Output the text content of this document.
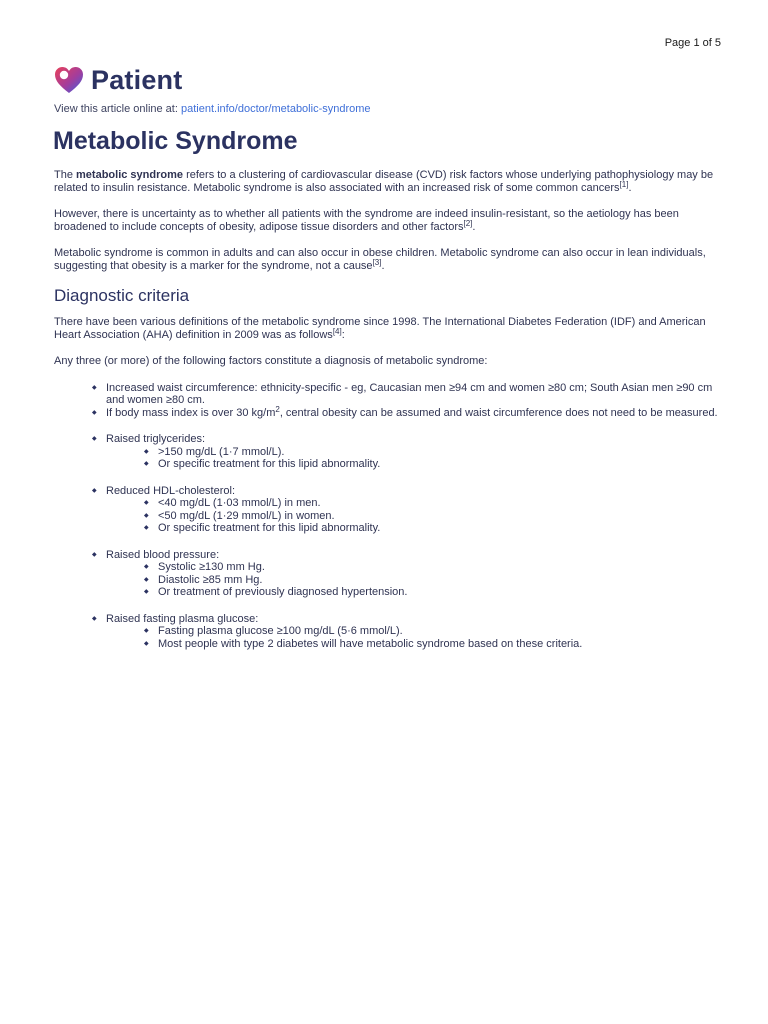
Page 1 of 5
Patient
View this article online at: patient.info/doctor/metabolic-syndrome
Metabolic Syndrome

The metabolic syndrome refers to a clustering of cardiovascular disease (CVD) risk factors whose underlying pathophysiology may be related to insulin resistance. Metabolic syndrome is also associated with an increased risk of some common cancers[1].

However, there is uncertainty as to whether all patients with the syndrome are indeed insulin-resistant, so the aetiology has been broadened to include concepts of obesity, adipose tissue disorders and other factors[2].

Metabolic syndrome is common in adults and can also occur in obese children. Metabolic syndrome can also occur in lean individuals, suggesting that obesity is a marker for the syndrome, not a cause[3].

Diagnostic criteria

There have been various definitions of the metabolic syndrome since 1998. The International Diabetes Federation (IDF) and American Heart Association (AHA) definition in 2009 was as follows[4]:

Any three (or more) of the following factors constitute a diagnosis of metabolic syndrome:

◆ Increased waist circumference: ethnicity-specific - eg, Caucasian men ≥94 cm and women ≥80 cm; South Asian men ≥90 cm and women ≥80 cm.
◆ If body mass index is over 30 $kg/m^2$, central obesity can be assumed and waist circumference does not need to be measured.
◆ Raised triglycerides:
◆ >150 mg/dL (1·7 mmol/L).
◆ Or specific treatment for this lipid abnormality.
◆ Reduced HDL-cholesterol:
◆ <40 mg/dL (1·03 mmol/L) in men.
◆ <50 mg/dL (1·29 mmol/L) in women.
◆ Or specific treatment for this lipid abnormality.
◆ Raised blood pressure:
◆ Systolic ≥130 mm Hg.
◆ Diastolic ≥85 mm Hg.
◆ Or treatment of previously diagnosed hypertension.
◆ Raised fasting plasma glucose:
◆ Fasting plasma glucose ≥100 mg/dL (5·6 mmol/L).
◆ Most people with type 2 diabetes will have metabolic syndrome based on these criteria.
